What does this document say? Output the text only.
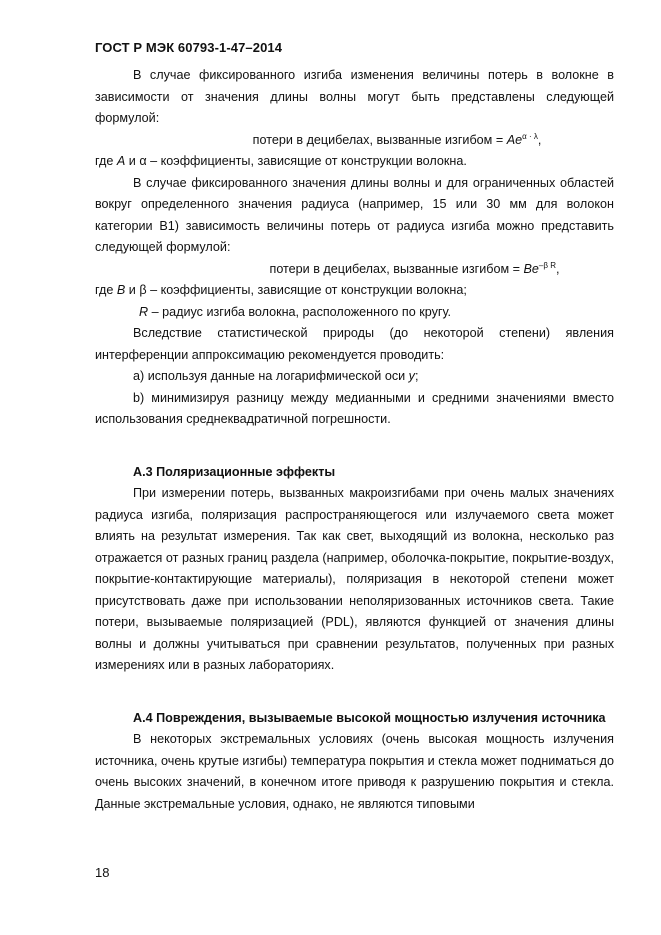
ГОСТ Р МЭК 60793-1-47–2014

В случае фиксированного изгиба изменения величины потерь в волокне в зависимости от значения длины волны могут быть представлены следующей формулой:

потери в децибелах, вызванные изгибом = $Ae^{\alpha \cdot \lambda}$,

где A и α – коэффициенты, зависящие от конструкции волокна.

В случае фиксированного значения длины волны и для ограниченных областей вокруг определенного значения радиуса (например, 15 или 30 мм для волокон категории В1) зависимость величины потерь от радиуса изгиба можно представить следующей формулой:

потери в децибелах, вызванные изгибом = $Be^{-\beta R}$,

где B и β – коэффициенты, зависящие от конструкции волокна;

R – радиус изгиба волокна, расположенного по кругу.

Вследствие статистической природы (до некоторой степени) явления интерференции аппроксимацию рекомендуется проводить:

а) используя данные на логарифмической оси y;

b) минимизируя разницу между медианными и средними значениями вместо использования среднеквадратичной погрешности.

А.3 Поляризационные эффекты

При измерении потерь, вызванных макроизгибами при очень малых значениях радиуса изгиба, поляризация распространяющегося или излучаемого света может влиять на результат измерения. Так как свет, выходящий из волокна, несколько раз отражается от разных границ раздела (например, оболочка-покрытие, покрытие-воздух, покрытие-контактирующие материалы), поляризация в некоторой степени может присутствовать даже при использовании неполяризованных источников света. Такие потери, вызываемые поляризацией (PDL), являются функцией от значения длины волны и должны учитываться при сравнении результатов, полученных при разных измерениях или в разных лабораториях.

А.4 Повреждения, вызываемые высокой мощностью излучения источника

В некоторых экстремальных условиях (очень высокая мощность излучения источника, очень крутые изгибы) температура покрытия и стекла может подниматься до очень высоких значений, в конечном итоге приводя к разрушению покрытия и стекла. Данные экстремальные условия, однако, не являются типовыми

18
